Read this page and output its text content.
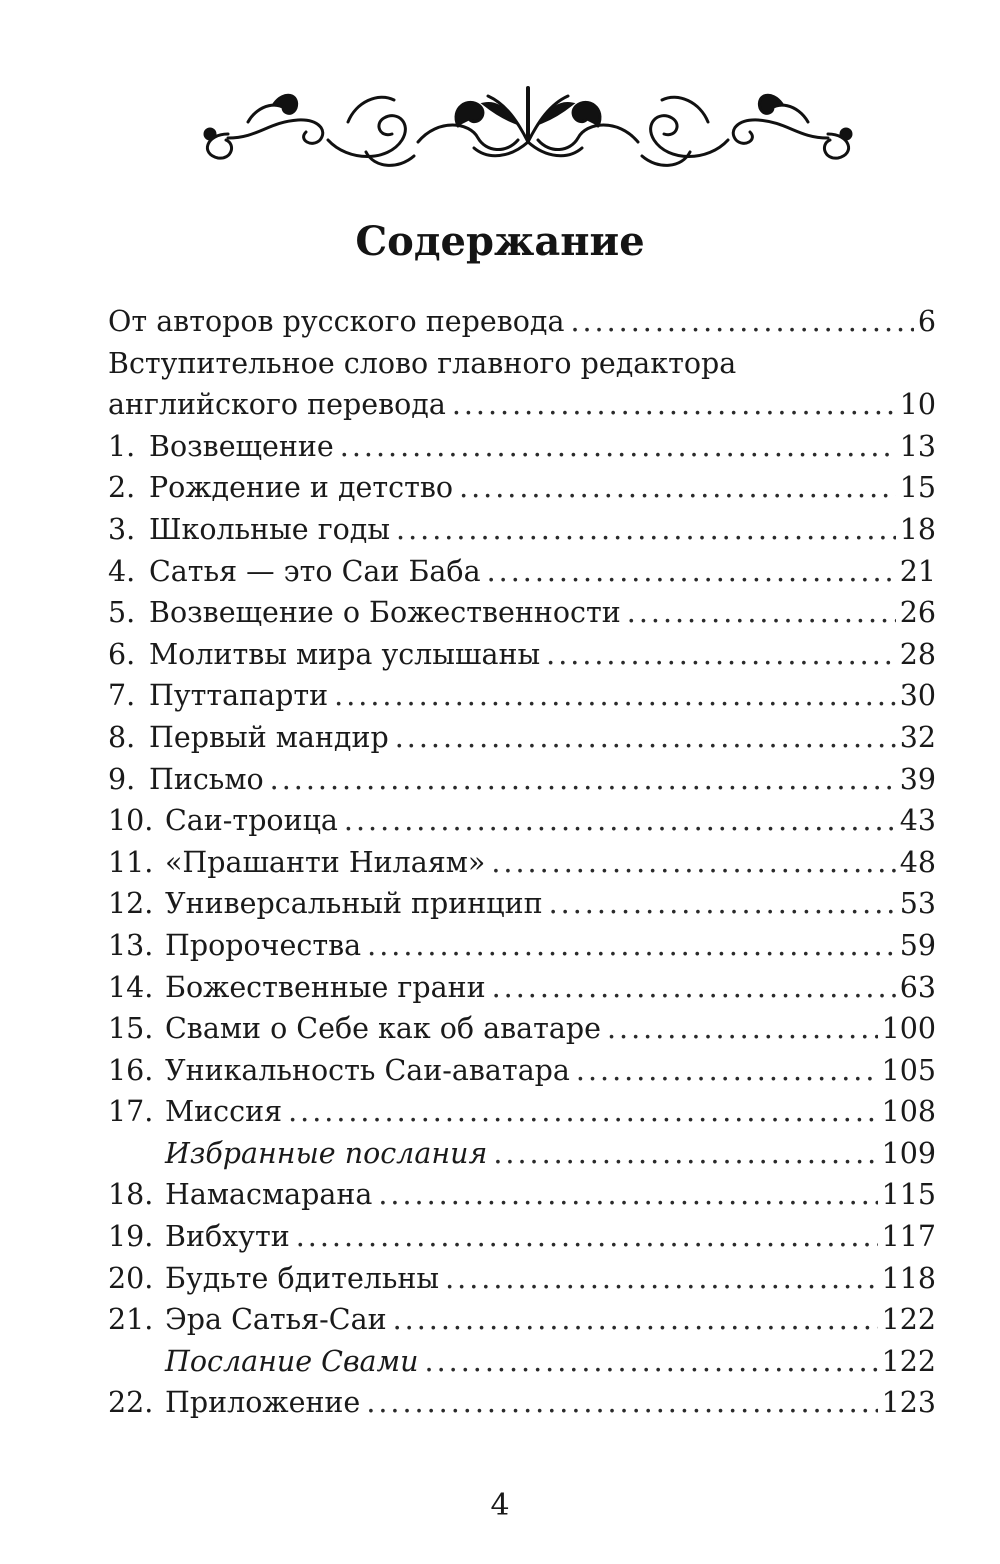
Содержание
От авторов русского перевода .....	6
Вступительное слово главного редактора
английского перевода .....	10
1. Возвещение .....	13
2. Рождение и детство .....	15
3. Школьные годы .....	18
4. Сатья — это Саи Баба .....	21
5. Возвещение о Божественности .....	26
6. Молитвы мира услышаны .....	28
7. Путтапарти .....	30
8. Первый мандир .....	32
9. Письмо .....	39
10. Саи-троица .....	43
11. «Прашанти Нилаям» .....	48
12. Универсальный принцип .....	53
13. Пророчества .....	59
14. Божественные грани .....	63
15. Свами о Себе как об аватаре .....	100
16. Уникальность Саи-аватара .....	105
17. Миссия .....	108
Избранные послания .....	109
18. Намасмарана .....	115
19. Вибхути .....	117
20. Будьте бдительны .....	118
21. Эра Сатья-Саи .....	122
Послание Свами .....	122
22. Приложение .....	123
4
